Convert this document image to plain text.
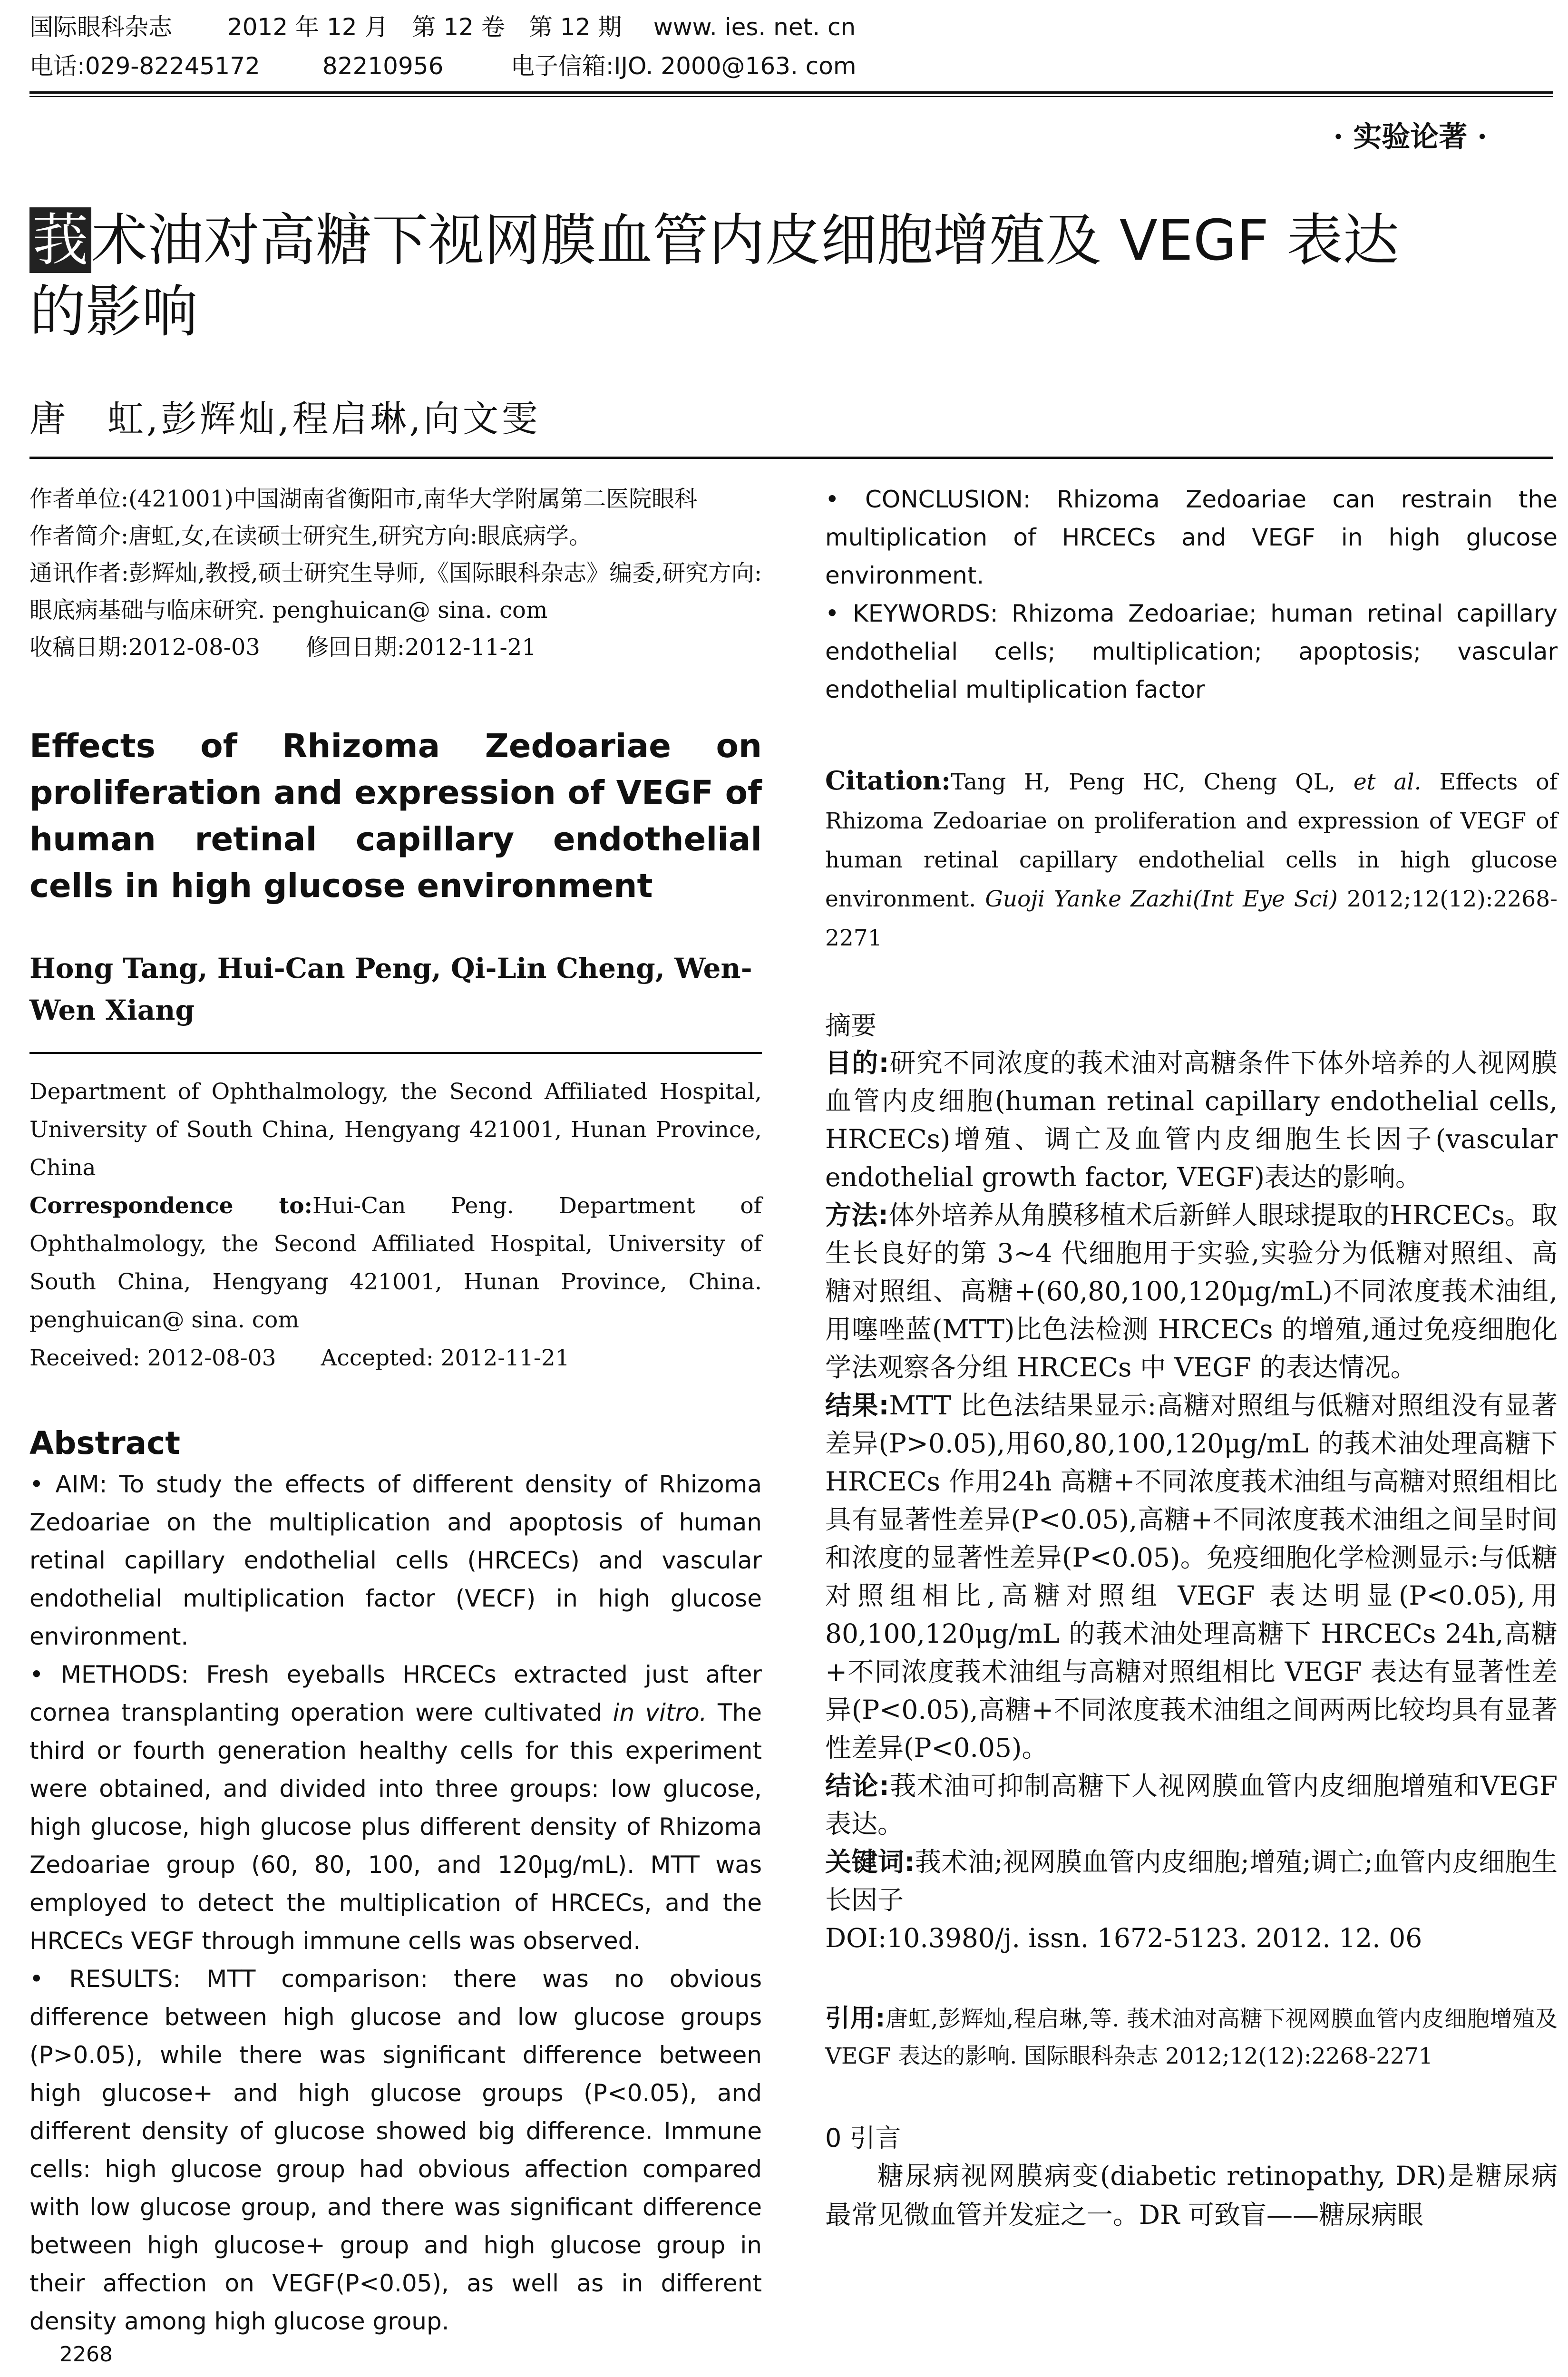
国际眼科杂志 2012 年 12 月　第 12 卷　第 12 期 www. ies. net. cn
电话:029-82245172	82210956	电子信箱:IJO. 2000@163. com
· 实验论著 ·
莪术油对高糖下视网膜血管内皮细胞增殖及 VEGF 表达
的影响
唐　虹,彭辉灿,程启琳,向文雯

作者单位:(421001)中国湖南省衡阳市,南华大学附属第二医院眼科

作者简介:唐虹,女,在读硕士研究生,研究方向:眼底病学。

通讯作者:彭辉灿,教授,硕士研究生导师,《国际眼科杂志》编委,研究方向:眼底病基础与临床研究. penghuican@ sina. com

收稿日期:2012-08-03　　修回日期:2012-11-21

Effects of Rhizoma Zedoariae on proliferation and expression of VEGF of human retinal capillary endothelial cells in high glucose environment
Hong Tang, Hui-Can Peng, Qi-Lin Cheng, Wen-Wen Xiang

Department of Ophthalmology, the Second Affiliated Hospital, University of South China, Hengyang 421001, Hunan Province, China

Correspondence to:Hui-Can Peng. Department of Ophthalmology, the Second Affiliated Hospital, University of South China, Hengyang 421001, Hunan Province, China. penghuican@ sina. com

Received: 2012-08-03　　Accepted: 2012-11-21

Abstract

• AIM: To study the effects of different density of Rhizoma Zedoariae on the multiplication and apoptosis of human retinal capillary endothelial cells (HRCECs) and vascular endothelial multiplication factor (VECF) in high glucose environment.

• METHODS: Fresh eyeballs HRCECs extracted just after cornea transplanting operation were cultivated in vitro. The third or fourth generation healthy cells for this experiment were obtained, and divided into three groups: low glucose, high glucose, high glucose plus different density of Rhizoma Zedoariae group (60, 80, 100, and 120μg/mL). MTT was employed to detect the multiplication of HRCECs, and the HRCECs VEGF through immune cells was observed.

• RESULTS: MTT comparison: there was no obvious difference between high glucose and low glucose groups (P>0.05), while there was significant difference between high glucose+ and high glucose groups (P<0.05), and different density of glucose showed big difference. Immune cells: high glucose group had obvious affection compared with low glucose group, and there was significant difference between high glucose+ group and high glucose group in their affection on VEGF(P<0.05), as well as in different density among high glucose group.

• CONCLUSION: Rhizoma Zedoariae can restrain the multiplication of HRCECs and VEGF in high glucose environment.

• KEYWORDS: Rhizoma Zedoariae; human retinal capillary endothelial cells; multiplication; apoptosis; vascular endothelial multiplication factor

Citation:Tang H, Peng HC, Cheng QL, et al. Effects of Rhizoma Zedoariae on proliferation and expression of VEGF of human retinal capillary endothelial cells in high glucose environment. Guoji Yanke Zazhi(Int Eye Sci) 2012;12(12):2268-2271
摘要

目的:研究不同浓度的莪术油对高糖条件下体外培养的人视网膜血管内皮细胞(human retinal capillary endothelial cells, HRCECs)增殖、调亡及血管内皮细胞生长因子(vascular endothelial growth factor, VEGF)表达的影响。

方法:体外培养从角膜移植术后新鲜人眼球提取的HRCECs。取生长良好的第 3~4 代细胞用于实验,实验分为低糖对照组、高糖对照组、高糖+(60,80,100,120μg/mL)不同浓度莪术油组,用噻唑蓝(MTT)比色法检测 HRCECs 的增殖,通过免疫细胞化学法观察各分组 HRCECs 中 VEGF 的表达情况。

结果:MTT 比色法结果显示:高糖对照组与低糖对照组没有显著差异(P>0.05),用60,80,100,120μg/mL 的莪术油处理高糖下 HRCECs 作用24h 高糖+不同浓度莪术油组与高糖对照组相比具有显著性差异(P<0.05),高糖+不同浓度莪术油组之间呈时间和浓度的显著性差异(P<0.05)。免疫细胞化学检测显示:与低糖对照组相比,高糖对照组 VEGF 表达明显(P<0.05),用 80,100,120μg/mL 的莪术油处理高糖下 HRCECs 24h,高糖+不同浓度莪术油组与高糖对照组相比 VEGF 表达有显著性差异(P<0.05),高糖+不同浓度莪术油组之间两两比较均具有显著性差异(P<0.05)。

结论:莪术油可抑制高糖下人视网膜血管内皮细胞增殖和VEGF 表达。

关键词:莪术油;视网膜血管内皮细胞;增殖;调亡;血管内皮细胞生长因子

DOI:10.3980/j. issn. 1672-5123. 2012. 12. 06

引用:唐虹,彭辉灿,程启琳,等. 莪术油对高糖下视网膜血管内皮细胞增殖及 VEGF 表达的影响. 国际眼科杂志 2012;12(12):2268-2271
0 引言
糖尿病视网膜病变(diabetic retinopathy, DR)是糖尿病最常见微血管并发症之一。DR 可致盲——糖尿病眼
2268
